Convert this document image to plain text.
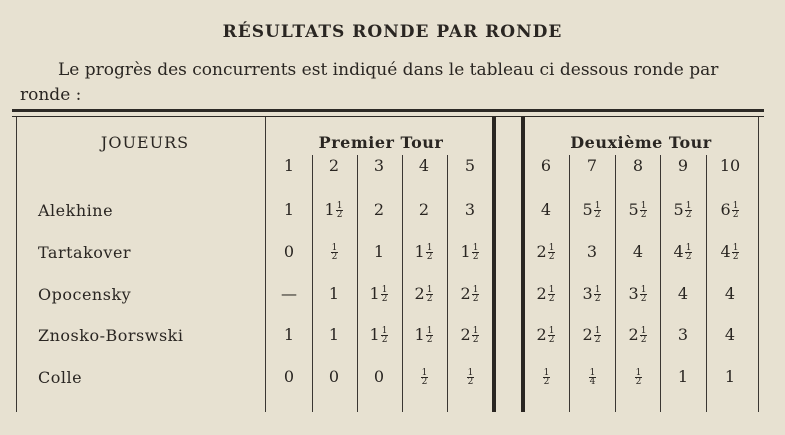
RÉSULTATS RONDE PAR RONDE
Le progrès des concurrents est indiqué dans le tableau ci dessous ronde par ronde :
JOUEURS	Premier Tour	Deuxième Tour
1	2	3	4	5	6	7	8	9	10
Alekhine	1	$1 \frac{1}{2}$	2	2	3	4	$5 \frac{1}{2}$	$5 \frac{1}{2}$	$5 \frac{1}{2}$	$6 \frac{1}{2}$
Tartakover	0	$\frac{1}{2}$	1	$1 \frac{1}{2}$	$1 \frac{1}{2}$	$2 \frac{1}{2}$	3	4	$4 \frac{1}{2}$	$4 \frac{1}{2}$
Opocensky	—	1	$1 \frac{1}{2}$	$2 \frac{1}{2}$	$2 \frac{1}{2}$	$2 \frac{1}{2}$	$3 \frac{1}{2}$	$3 \frac{1}{2}$	4	4
Znosko-Borswski	1	1	$1 \frac{1}{2}$	$1 \frac{1}{2}$	$2 \frac{1}{2}$	$2 \frac{1}{2}$	$2 \frac{1}{2}$	$2 \frac{1}{2}$	3	4
Colle	0	0	0	$\frac{1}{2}$	$\frac{1}{2}$	$\frac{1}{2}$	$\frac{1}{4}$	$\frac{1}{2}$	1	1
